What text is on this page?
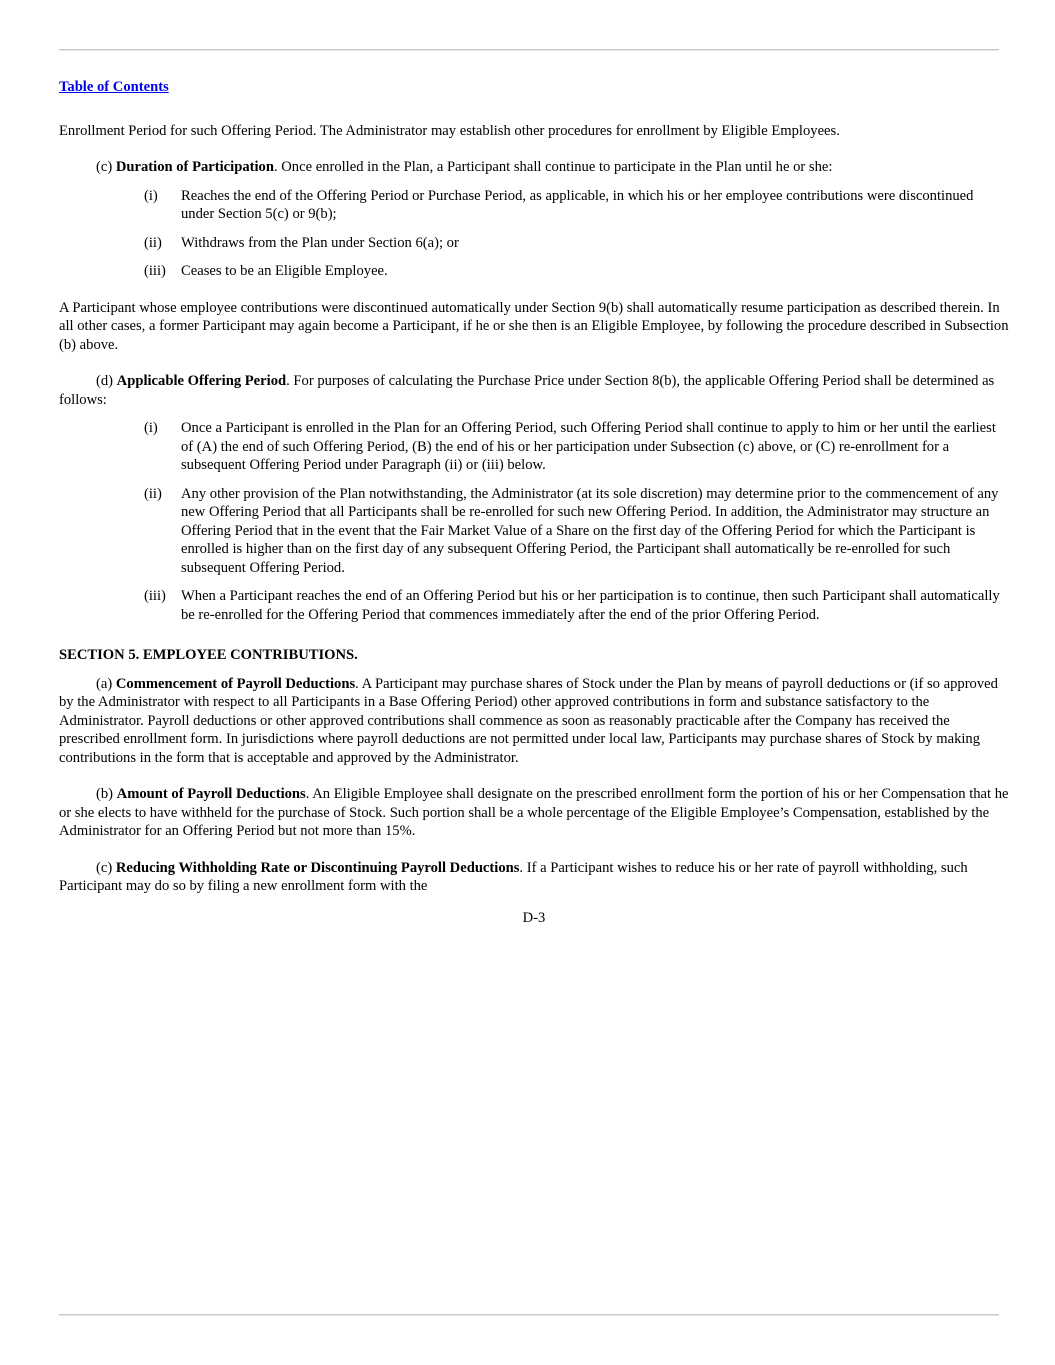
Table of Contents

Enrollment Period for such Offering Period. The Administrator may establish other procedures for enrollment by Eligible Employees.

(c) Duration of Participation. Once enrolled in the Plan, a Participant shall continue to participate in the Plan until he or she:

(i) Reaches the end of the Offering Period or Purchase Period, as applicable, in which his or her employee contributions were discontinued under Section 5(c) or 9(b);
(ii) Withdraws from the Plan under Section 6(a); or
(iii) Ceases to be an Eligible Employee.

A Participant whose employee contributions were discontinued automatically under Section 9(b) shall automatically resume participation as described therein. In all other cases, a former Participant may again become a Participant, if he or she then is an Eligible Employee, by following the procedure described in Subsection (b) above.

(d) Applicable Offering Period. For purposes of calculating the Purchase Price under Section 8(b), the applicable Offering Period shall be determined as follows:

(i) Once a Participant is enrolled in the Plan for an Offering Period, such Offering Period shall continue to apply to him or her until the earliest of (A) the end of such Offering Period, (B) the end of his or her participation under Subsection (c) above, or (C) re-enrollment for a subsequent Offering Period under Paragraph (ii) or (iii) below.
(ii) Any other provision of the Plan notwithstanding, the Administrator (at its sole discretion) may determine prior to the commencement of any new Offering Period that all Participants shall be re-enrolled for such new Offering Period. In addition, the Administrator may structure an Offering Period that in the event that the Fair Market Value of a Share on the first day of the Offering Period for which the Participant is enrolled is higher than on the first day of any subsequent Offering Period, the Participant shall automatically be re-enrolled for such subsequent Offering Period.
(iii) When a Participant reaches the end of an Offering Period but his or her participation is to continue, then such Participant shall automatically be re-enrolled for the Offering Period that commences immediately after the end of the prior Offering Period.

SECTION 5. EMPLOYEE CONTRIBUTIONS.

(a) Commencement of Payroll Deductions. A Participant may purchase shares of Stock under the Plan by means of payroll deductions or (if so approved by the Administrator with respect to all Participants in a Base Offering Period) other approved contributions in form and substance satisfactory to the Administrator. Payroll deductions or other approved contributions shall commence as soon as reasonably practicable after the Company has received the prescribed enrollment form. In jurisdictions where payroll deductions are not permitted under local law, Participants may purchase shares of Stock by making contributions in the form that is acceptable and approved by the Administrator.

(b) Amount of Payroll Deductions. An Eligible Employee shall designate on the prescribed enrollment form the portion of his or her Compensation that he or she elects to have withheld for the purchase of Stock. Such portion shall be a whole percentage of the Eligible Employee’s Compensation, established by the Administrator for an Offering Period but not more than 15%.

(c) Reducing Withholding Rate or Discontinuing Payroll Deductions. If a Participant wishes to reduce his or her rate of payroll withholding, such Participant may do so by filing a new enrollment form with the

D-3
